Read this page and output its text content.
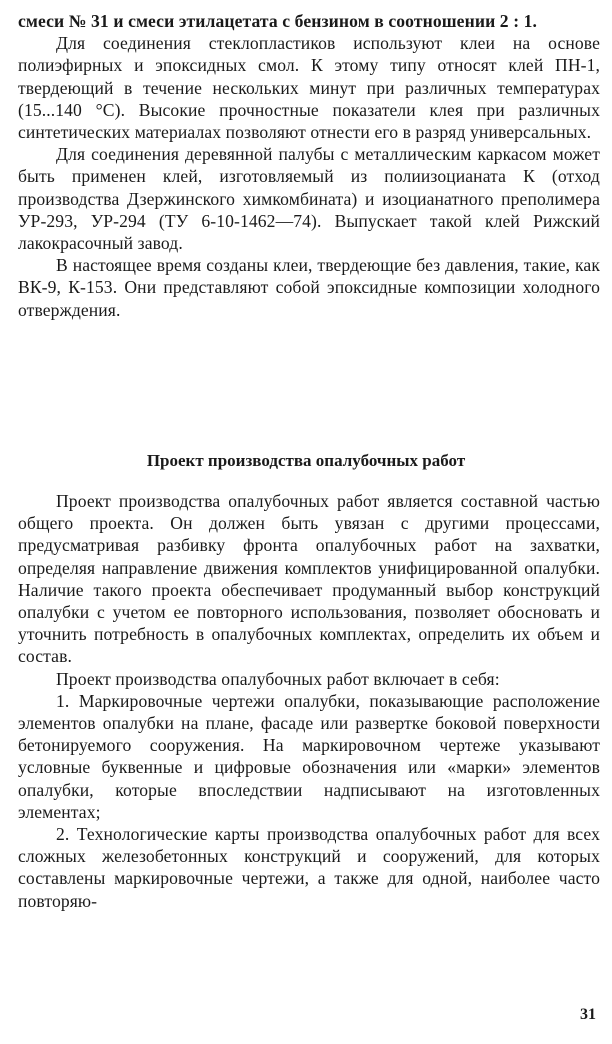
смеси № 31 и смеси этилацетата с бензином в соотношении 2 : 1.

Для соединения стеклопластиков используют клеи на основе полиэфирных и эпоксидных смол. К этому типу относят клей ПН-1, твердеющий в течение нескольких минут при различных температурах (15...140 °С). Высокие прочностные показатели клея при различных синтетических материалах позволяют отнести его в разряд универсальных.

Для соединения деревянной палубы с металлическим каркасом может быть применен клей, изготовляемый из полиизоцианата К (отход производства Дзержинского химкомбината) и изоцианатного преполимера УР-293, УР-294 (ТУ 6-10-1462—74). Выпускает такой клей Рижский лакокрасочный завод.

В настоящее время созданы клеи, твердеющие без давления, такие, как ВК-9, К-153. Они представляют собой эпоксидные композиции холодного отверждения.

Проект производства опалубочных работ

Проект производства опалубочных работ является составной частью общего проекта. Он должен быть увязан с другими процессами, предусматривая разбивку фронта опалубочных работ на захватки, определяя направление движения комплектов унифицированной опалубки. Наличие такого проекта обеспечивает продуманный выбор конструкций опалубки с учетом ее повторного использования, позволяет обосновать и уточнить потребность в опалубочных комплектах, определить их объем и состав.

Проект производства опалубочных работ включает в себя:

1. Маркировочные чертежи опалубки, показывающие расположение элементов опалубки на плане, фасаде или развертке боковой поверхности бетонируемого сооружения. На маркировочном чертеже указывают условные буквенные и цифровые обозначения или «марки» элементов опалубки, которые впоследствии надписывают на изготовленных элементах;

2. Технологические карты производства опалубочных работ для всех сложных железобетонных конструкций и сооружений, для которых составлены маркировочные чертежи, а также для одной, наиболее часто повторяю-

31
